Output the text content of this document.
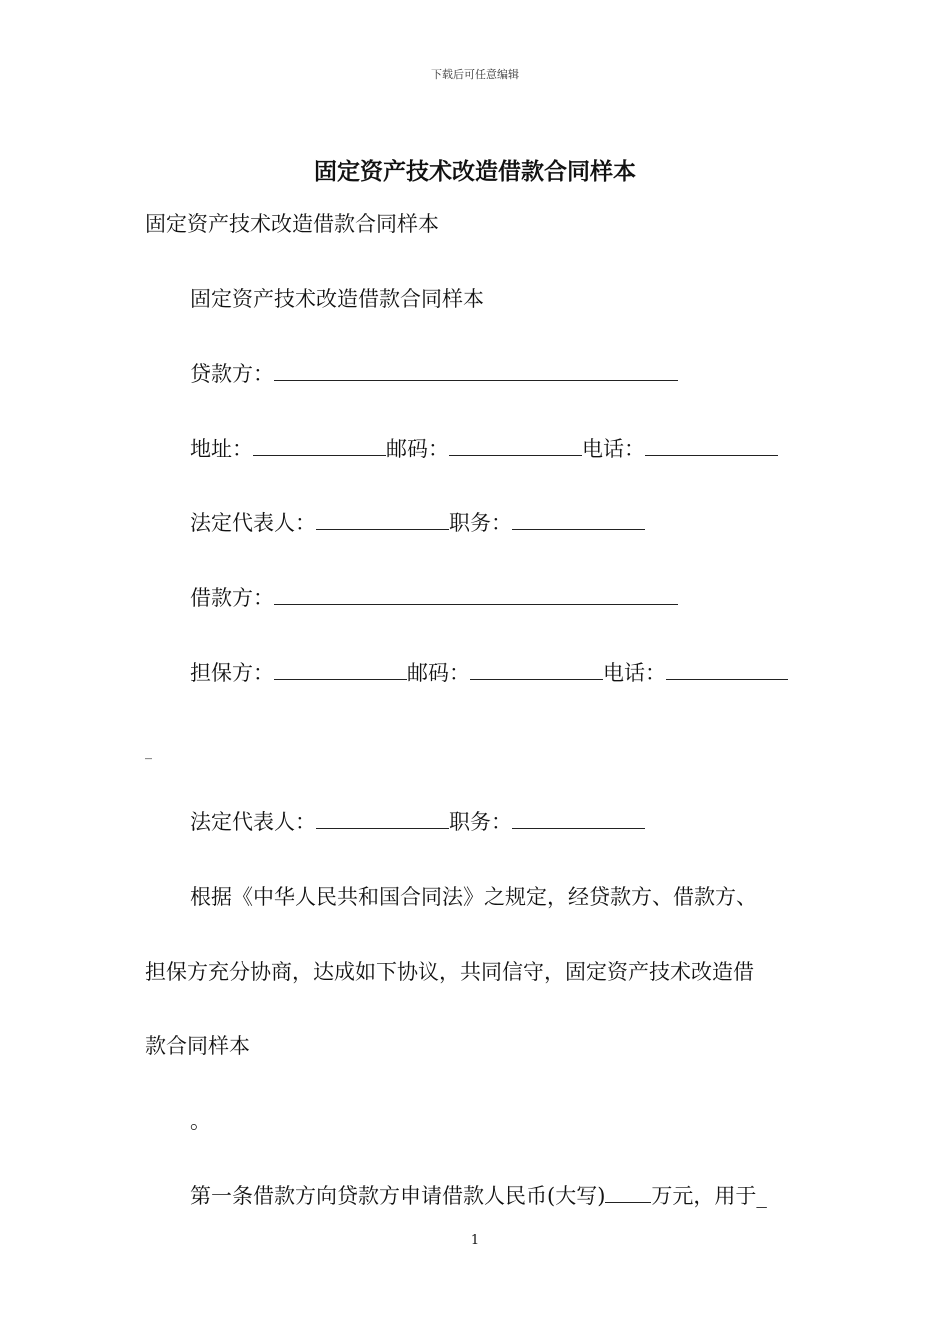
下载后可任意编辑
固定资产技术改造借款合同样本
固定资产技术改造借款合同样本
固定资产技术改造借款合同样本
贷款方：
地址：	邮码：	电话：
法定代表人：	职务：
借款方：
担保方：	邮码：	电话：
_
法定代表人：	职务：
根据《中华人民共和国合同法》之规定，经贷款方、借款方、
担保方充分协商，达成如下协议，共同信守，固定资产技术改造借
款合同样本
。
第一条借款方向贷款方申请借款人民币(大写) 万元，用于_
1
